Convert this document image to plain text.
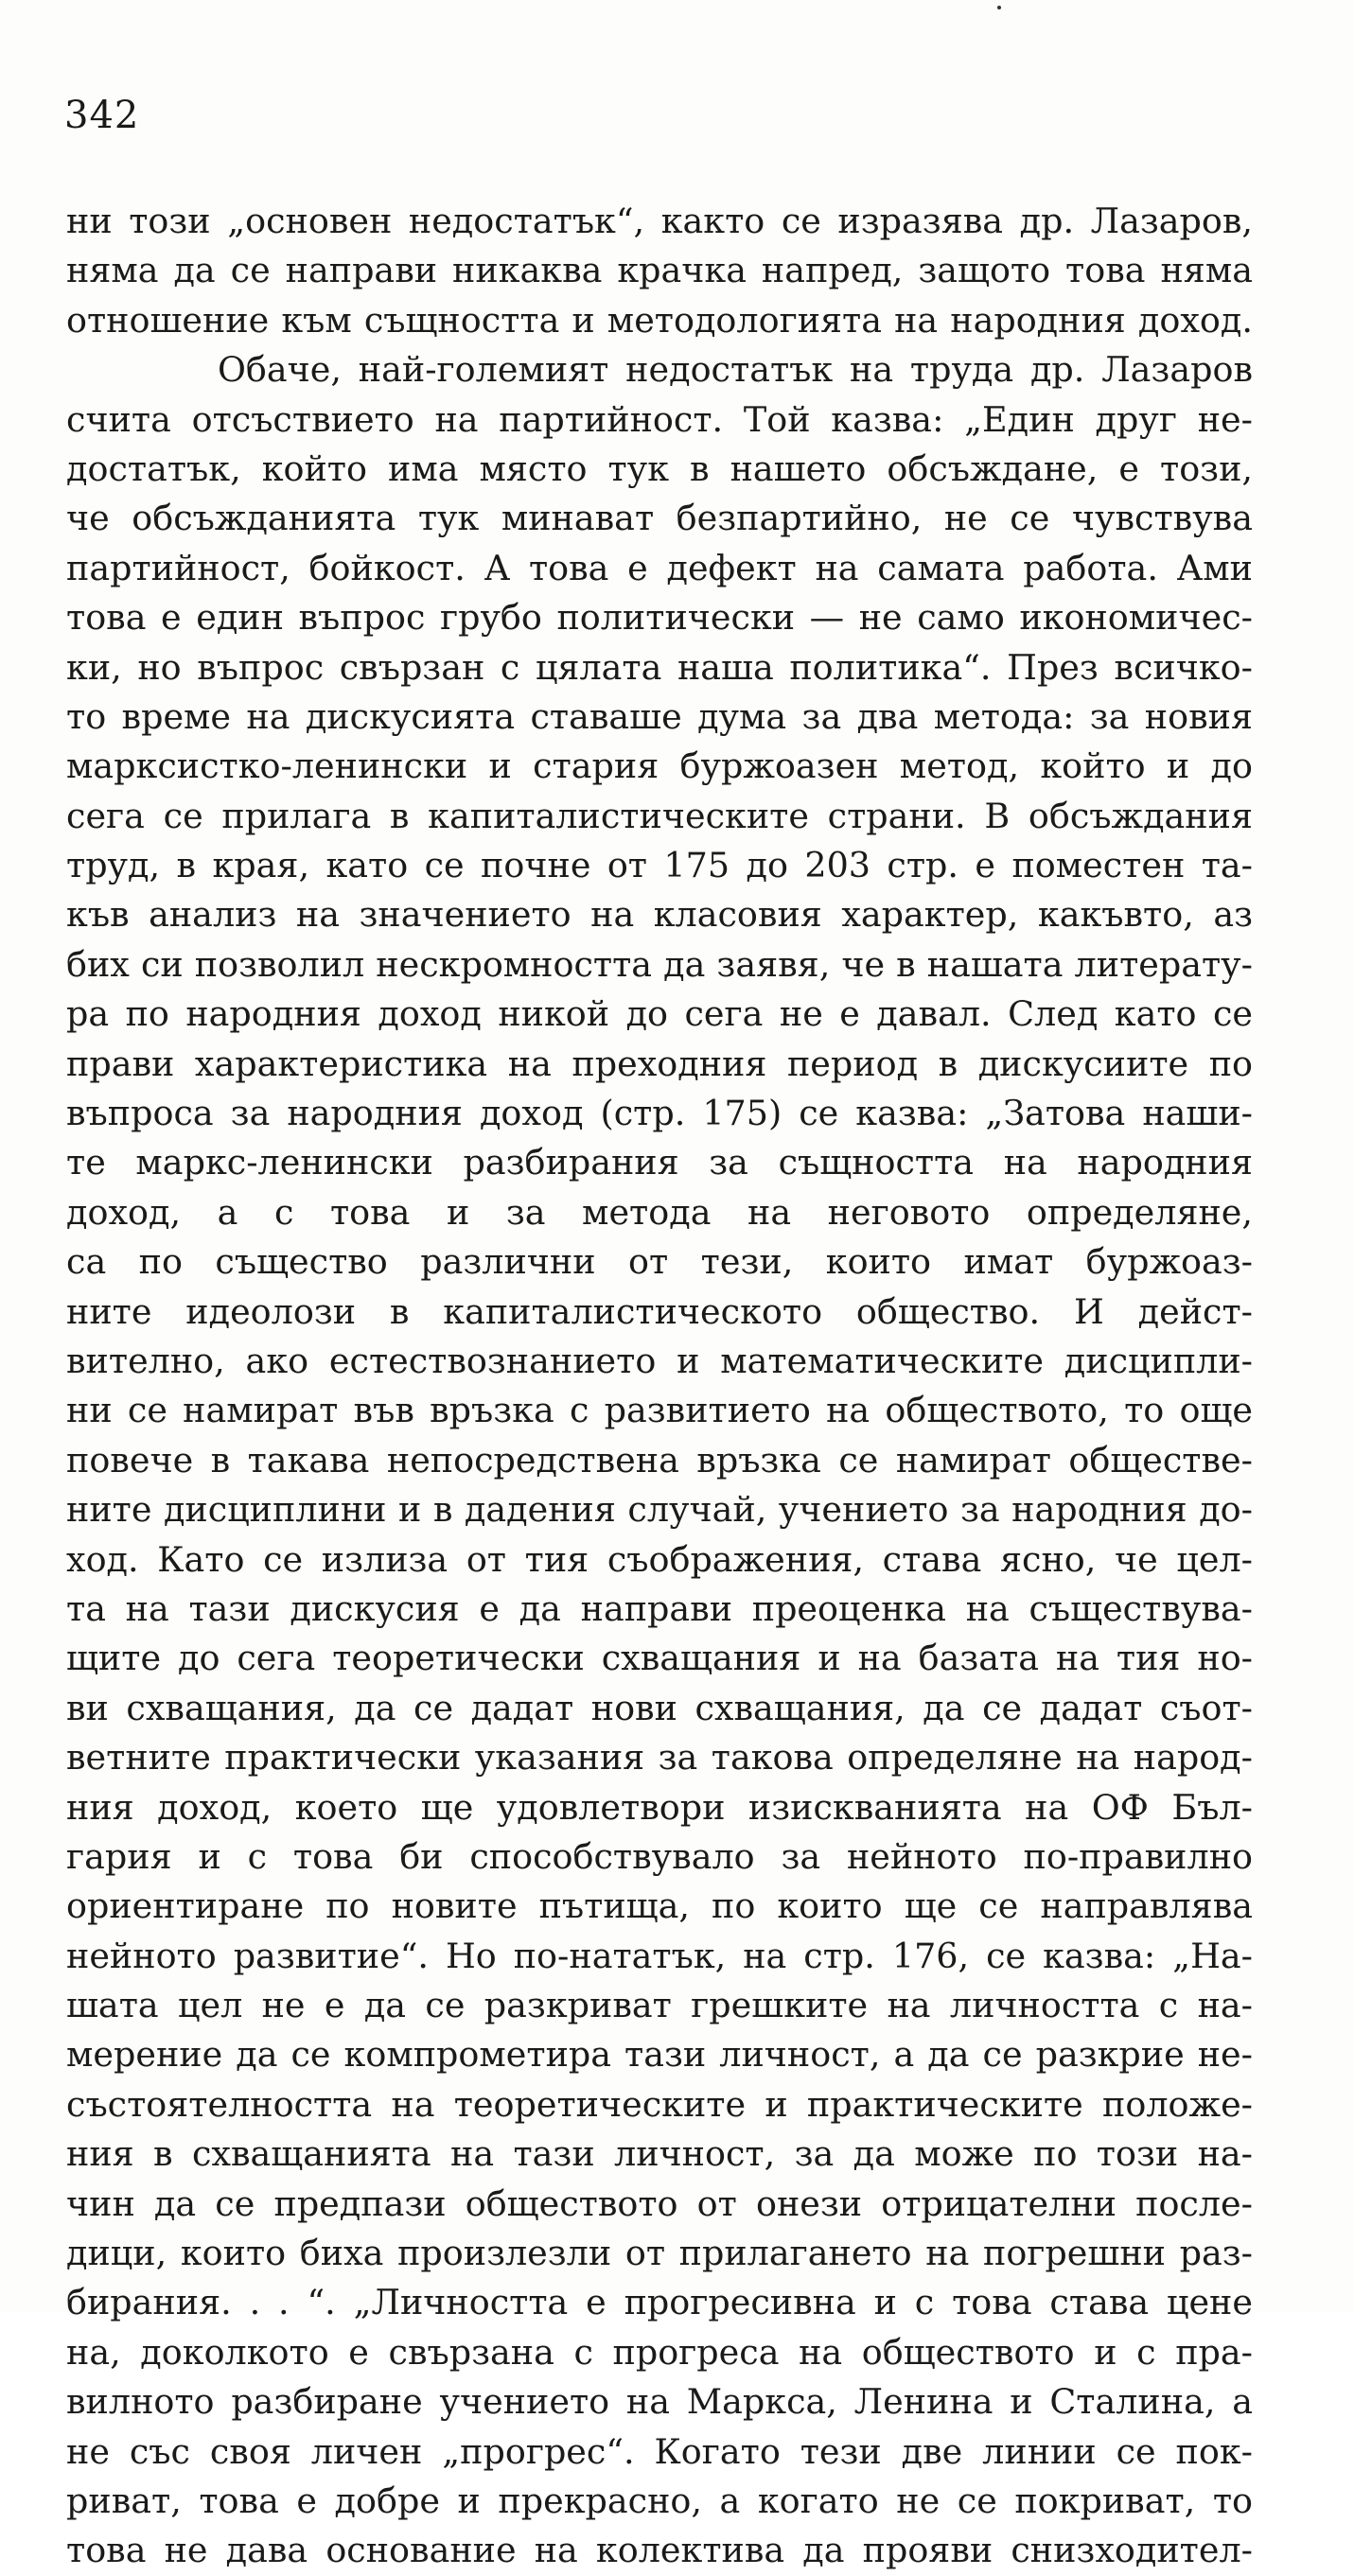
342
ни този „основен недостатък“, както се изразява др. Лазаров,
няма да се направи никаква крачка напред, защото това няма
отношение към същността и методологията на народния доход.
Обаче, най-големият недостатък на труда др. Лазаров
счита отсъствието на партийност. Той казва: „Един друг не-
достатък, който има място тук в нашето обсъждане, е този,
че обсъжданията тук минават безпартийно, не се чувствува
партийност, бойкост. А това е дефект на самата работа. Ами
това е един въпрос грубо политически — не само икономичес-
ки, но въпрос свързан с цялата наша политика“. През всичко-
то време на дискусията ставаше дума за два метода: за новия
марксистко-ленински и стария буржоазен метод, който и до
сега се прилага в капиталистическите страни. В обсъждания
труд, в края, като се почне от 175 до 203 стр. е поместен та-
къв анализ на значението на класовия характер, какъвто, аз
бих си позволил нескромността да заявя, че в нашата литерату-
ра по народния доход никой до сега не е давал. След като се
прави характеристика на преходния период в дискусиите по
въпроса за народния доход (стр. 175) се казва: „Затова наши-
те маркс-ленински разбирания за същността на народния
доход, а с това и за метода на неговото определяне,
са по същество различни от тези, които имат буржоаз-
ните идеолози в капиталистическото общество. И дейст-
вително, ако естествознанието и математическите дисципли-
ни се намират във връзка с развитието на обществото, то още
повече в такава непосредствена връзка се намират обществе-
ните дисциплини и в дадения случай, учението за народния до-
ход. Като се излиза от тия съображения, става ясно, че цел-
та на тази дискусия е да направи преоценка на съществува-
щите до сега теоретически схващания и на базата на тия но-
ви схващания, да се дадат нови схващания, да се дадат съот-
ветните практически указания за такова определяне на народ-
ния доход, което ще удовлетвори изискванията на ОФ Бъл-
гария и с това би способствувало за нейното по-правилно
ориентиране по новите пътища, по които ще се направлява
нейното развитие“. Но по-нататък, на стр. 176, се казва: „На-
шата цел не е да се разкриват грешките на личността с на-
мерение да се компрометира тази личност, а да се разкрие не-
състоятелността на теоретическите и практическите положе-
ния в схващанията на тази личност, за да може по този на-
чин да се предпази обществото от онези отрицателни после-
дици, които биха произлезли от прилагането на погрешни раз-
бирания. . . “. „Личността е прогресивна и с това става цене
на, доколкото е свързана с прогреса на обществото и с пра-
вилното разбиране учението на Маркса, Ленина и Сталина, а
не със своя личен „прогрес“. Когато тези две линии се пок-
риват, това е добре и прекрасно, а когато не се покриват, то
това не дава основание на колектива да прояви снизходител-
